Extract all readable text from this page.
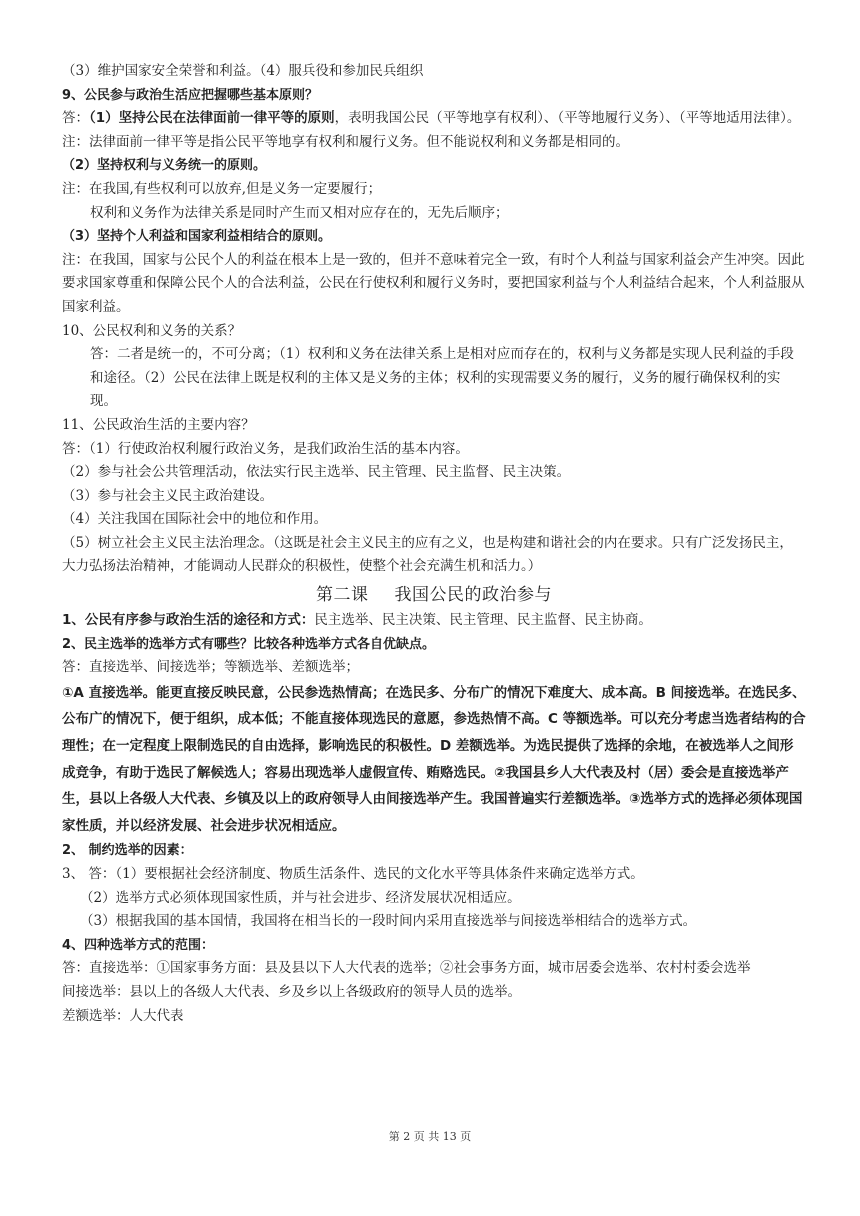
（3）维护国家安全荣誉和利益。（4）服兵役和参加民兵组织

9、公民参与政治生活应把握哪些基本原则？

答：（1）坚持公民在法律面前一律平等的原则，表明我国公民（平等地享有权利）、（平等地履行义务）、（平等地适用法律）。

注：法律面前一律平等是指公民平等地享有权利和履行义务。但不能说权利和义务都是相同的。

（2）坚持权利与义务统一的原则。

注：在我国,有些权利可以放弃,但是义务一定要履行；

权利和义务作为法律关系是同时产生而又相对应存在的，无先后顺序；

（3）坚持个人利益和国家利益相结合的原则。

注：在我国，国家与公民个人的利益在根本上是一致的，但并不意味着完全一致，有时个人利益与国家利益会产生冲突。因此要求国家尊重和保障公民个人的合法利益，公民在行使权利和履行义务时，要把国家利益与个人利益结合起来，个人利益服从国家利益。

10、公民权利和义务的关系？

答：二者是统一的，不可分离；（1）权利和义务在法律关系上是相对应而存在的，权利与义务都是实现人民利益的手段和途径。（2）公民在法律上既是权利的主体又是义务的主体；权利的实现需要义务的履行，义务的履行确保权利的实现。

11、公民政治生活的主要内容？

答：（1）行使政治权利履行政治义务，是我们政治生活的基本内容。

（2）参与社会公共管理活动，依法实行民主选举、民主管理、民主监督、民主决策。

（3）参与社会主义民主政治建设。

（4）关注我国在国际社会中的地位和作用。

（5）树立社会主义民主法治理念。（这既是社会主义民主的应有之义，也是构建和谐社会的内在要求。只有广泛发扬民主，大力弘扬法治精神，才能调动人民群众的积极性，使整个社会充满生机和活力。）

第二课 我国公民的政治参与

1、公民有序参与政治生活的途径和方式：民主选举、民主决策、民主管理、民主监督、民主协商。

2、民主选举的选举方式有哪些？比较各种选举方式各自优缺点。

答：直接选举、间接选举；等额选举、差额选举；

①A 直接选举。能更直接反映民意，公民参选热情高；在选民多、分布广的情况下难度大、成本高。B 间接选举。在选民多、公布广的情况下，便于组织，成本低；不能直接体现选民的意愿，参选热情不高。C 等额选举。可以充分考虑当选者结构的合理性；在一定程度上限制选民的自由选择，影响选民的积极性。D 差额选举。为选民提供了选择的余地，在被选举人之间形成竞争，有助于选民了解候选人；容易出现选举人虚假宣传、贿赂选民。②我国县乡人大代表及村（居）委会是直接选举产生，县以上各级人大代表、乡镇及以上的政府领导人由间接选举产生。我国普遍实行差额选举。③选举方式的选择必须体现国家性质，并以经济发展、社会进步状况相适应。

2、 制约选举的因素：

3、 答：（1）要根据社会经济制度、物质生活条件、选民的文化水平等具体条件来确定选举方式。

（2）选举方式必须体现国家性质，并与社会进步、经济发展状况相适应。

（3）根据我国的基本国情，我国将在相当长的一段时间内采用直接选举与间接选举相结合的选举方式。

4、四种选举方式的范围：

答：直接选举：①国家事务方面：县及县以下人大代表的选举；②社会事务方面，城市居委会选举、农村村委会选举

间接选举：县以上的各级人大代表、乡及乡以上各级政府的领导人员的选举。

差额选举：人大代表

第 2 页 共 13 页
